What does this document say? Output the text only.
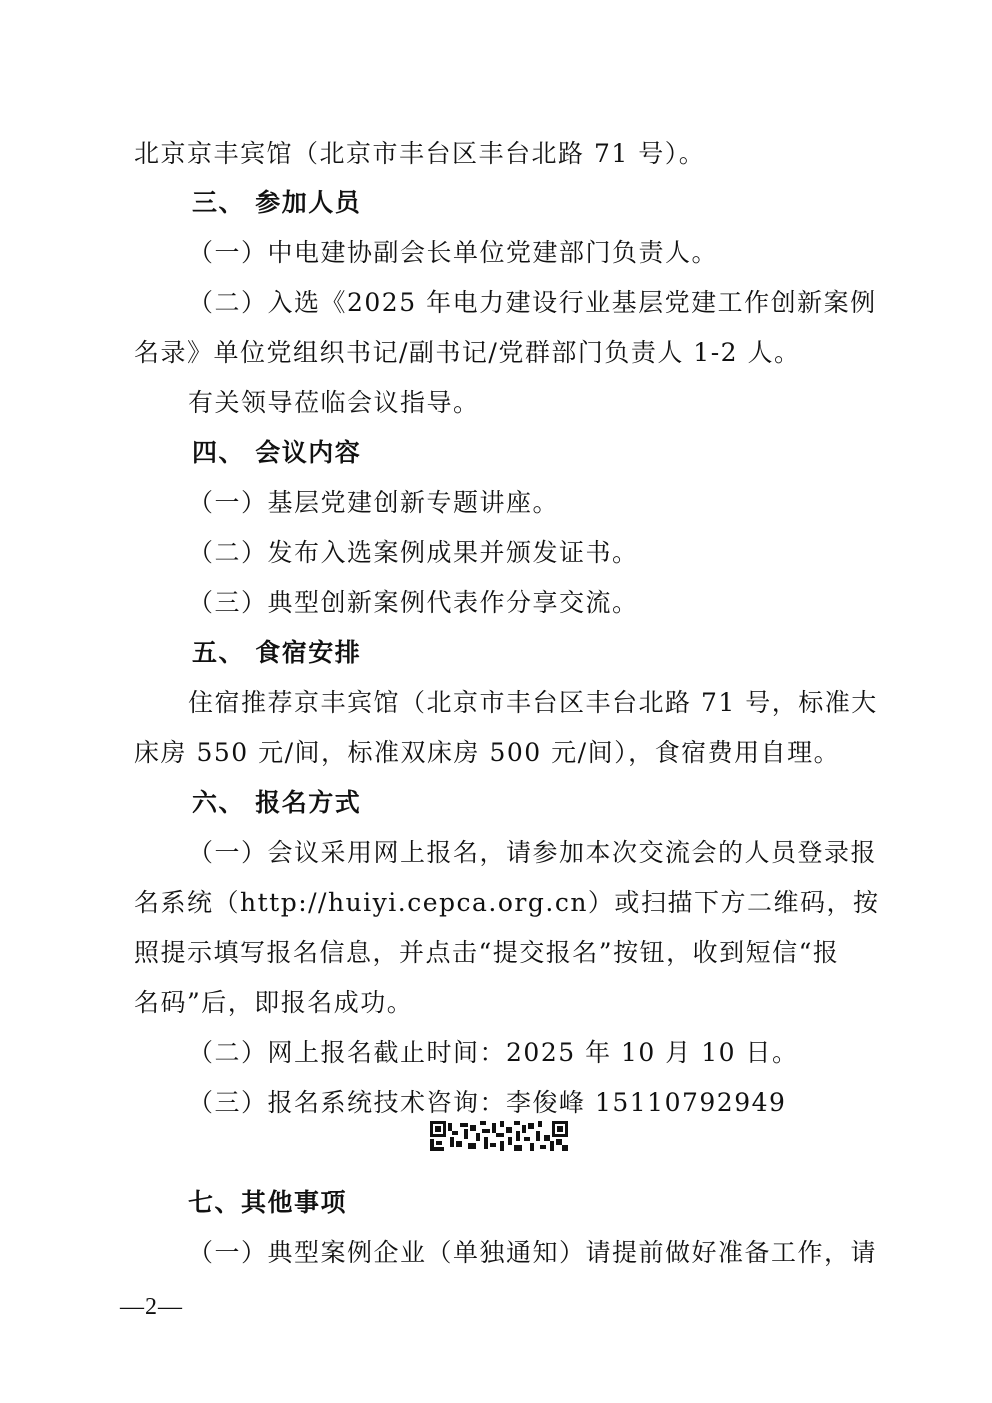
北京京丰宾馆（北京市丰台区丰台北路 71 号）。
三、 参加人员
（一）中电建协副会长单位党建部门负责人。
（二）入选《2025 年电力建设行业基层党建工作创新案例
名录》单位党组织书记/副书记/党群部门负责人 1-2 人。
有关领导莅临会议指导。
四、 会议内容
（一）基层党建创新专题讲座。
（二）发布入选案例成果并颁发证书。
（三）典型创新案例代表作分享交流。
五、 食宿安排
住宿推荐京丰宾馆（北京市丰台区丰台北路 71 号，标准大
床房 550 元/间，标准双床房 500 元/间），食宿费用自理。
六、 报名方式
（一）会议采用网上报名，请参加本次交流会的人员登录报
名系统（http://huiyi.cepca.org.cn）或扫描下方二维码，按
照提示填写报名信息，并点击“提交报名”按钮，收到短信“报
名码”后，即报名成功。
（二）网上报名截止时间：2025 年 10 月 10 日。
（三）报名系统技术咨询：李俊峰 15110792949
七、其他事项
（一）典型案例企业（单独通知）请提前做好准备工作，请
—2—
